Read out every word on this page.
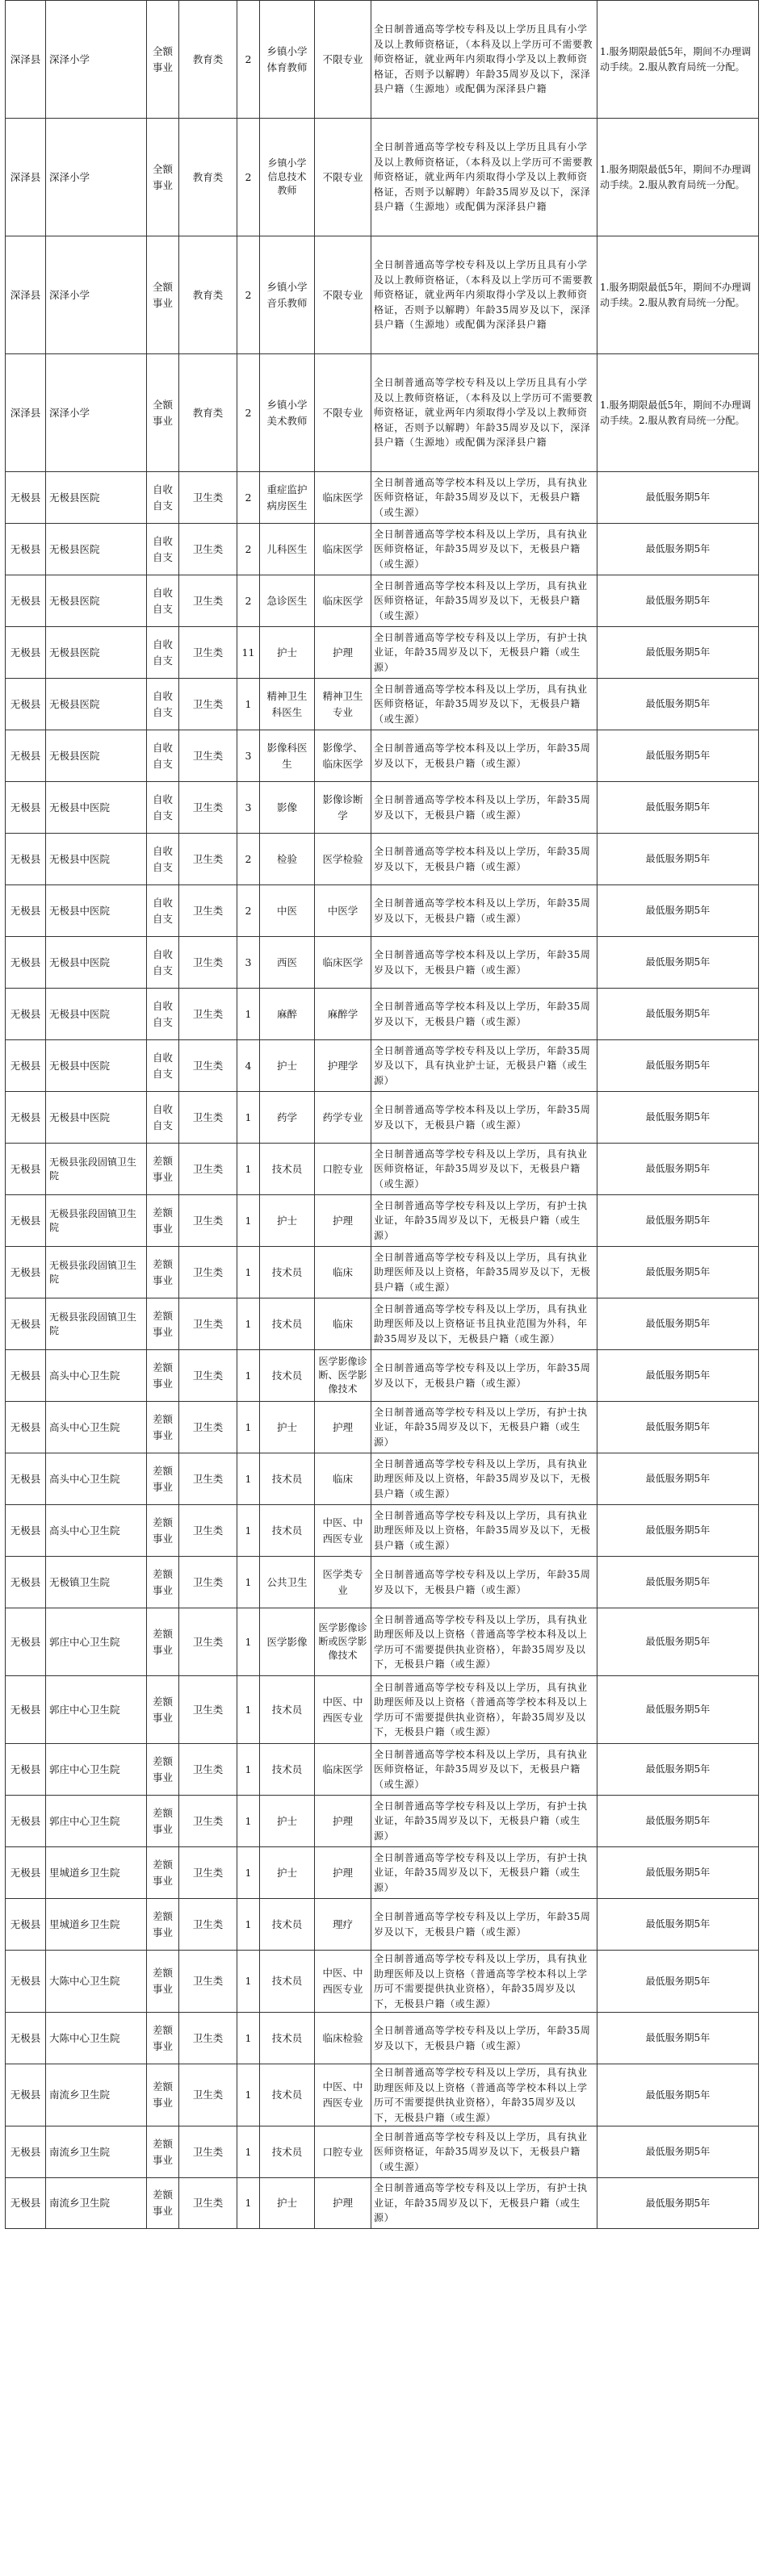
深泽县	深泽小学	全额事业	教育类	2	乡镇小学体育教师	不限专业	全日制普通高等学校专科及以上学历且具有小学及以上教师资格证，（本科及以上学历可不需要教师资格证，就业两年内须取得小学及以上教师资格证，否则予以解聘）年龄35周岁及以下，深泽县户籍（生源地）或配偶为深泽县户籍	1.服务期限最低5年，期间不办理调动手续。2.服从教育局统一分配。
深泽县	深泽小学	全额事业	教育类	2	乡镇小学信息技术教师	不限专业	全日制普通高等学校专科及以上学历且具有小学及以上教师资格证，（本科及以上学历可不需要教师资格证，就业两年内须取得小学及以上教师资格证，否则予以解聘）年龄35周岁及以下，深泽县户籍（生源地）或配偶为深泽县户籍	1.服务期限最低5年，期间不办理调动手续。2.服从教育局统一分配。
深泽县	深泽小学	全额事业	教育类	2	乡镇小学音乐教师	不限专业	全日制普通高等学校专科及以上学历且具有小学及以上教师资格证，（本科及以上学历可不需要教师资格证，就业两年内须取得小学及以上教师资格证，否则予以解聘）年龄35周岁及以下，深泽县户籍（生源地）或配偶为深泽县户籍	1.服务期限最低5年，期间不办理调动手续。2.服从教育局统一分配。
深泽县	深泽小学	全额事业	教育类	2	乡镇小学美术教师	不限专业	全日制普通高等学校专科及以上学历且具有小学及以上教师资格证，（本科及以上学历可不需要教师资格证，就业两年内须取得小学及以上教师资格证，否则予以解聘）年龄35周岁及以下，深泽县户籍（生源地）或配偶为深泽县户籍	1.服务期限最低5年，期间不办理调动手续。2.服从教育局统一分配。
无极县	无极县医院	自收自支	卫生类	2	重症监护病房医生	临床医学	全日制普通高等学校本科及以上学历，具有执业医师资格证，年龄35周岁及以下，无极县户籍（或生源）	最低服务期5年
无极县	无极县医院	自收自支	卫生类	2	儿科医生	临床医学	全日制普通高等学校本科及以上学历，具有执业医师资格证，年龄35周岁及以下，无极县户籍（或生源）	最低服务期5年
无极县	无极县医院	自收自支	卫生类	2	急诊医生	临床医学	全日制普通高等学校本科及以上学历，具有执业医师资格证，年龄35周岁及以下，无极县户籍（或生源）	最低服务期5年
无极县	无极县医院	自收自支	卫生类	11	护士	护理	全日制普通高等学校专科及以上学历，有护士执业证，年龄35周岁及以下，无极县户籍（或生源）	最低服务期5年
无极县	无极县医院	自收自支	卫生类	1	精神卫生科医生	精神卫生专业	全日制普通高等学校本科及以上学历，具有执业医师资格证，年龄35周岁及以下，无极县户籍（或生源）	最低服务期5年
无极县	无极县医院	自收自支	卫生类	3	影像科医生	影像学、临床医学	全日制普通高等学校本科及以上学历，年龄35周岁及以下，无极县户籍（或生源）	最低服务期5年
无极县	无极县中医院	自收自支	卫生类	3	影像	影像诊断学	全日制普通高等学校本科及以上学历，年龄35周岁及以下，无极县户籍（或生源）	最低服务期5年
无极县	无极县中医院	自收自支	卫生类	2	检验	医学检验	全日制普通高等学校本科及以上学历，年龄35周岁及以下，无极县户籍（或生源）	最低服务期5年
无极县	无极县中医院	自收自支	卫生类	2	中医	中医学	全日制普通高等学校本科及以上学历，年龄35周岁及以下，无极县户籍（或生源）	最低服务期5年
无极县	无极县中医院	自收自支	卫生类	3	西医	临床医学	全日制普通高等学校本科及以上学历，年龄35周岁及以下，无极县户籍（或生源）	最低服务期5年
无极县	无极县中医院	自收自支	卫生类	1	麻醉	麻醉学	全日制普通高等学校本科及以上学历，年龄35周岁及以下，无极县户籍（或生源）	最低服务期5年
无极县	无极县中医院	自收自支	卫生类	4	护士	护理学	全日制普通高等学校专科及以上学历，年龄35周岁及以下，具有执业护士证，无极县户籍（或生源）	最低服务期5年
无极县	无极县中医院	自收自支	卫生类	1	药学	药学专业	全日制普通高等学校本科及以上学历，年龄35周岁及以下，无极县户籍（或生源）	最低服务期5年
无极县	无极县张段固镇卫生院	差额事业	卫生类	1	技术员	口腔专业	全日制普通高等学校专科及以上学历，具有执业医师资格证，年龄35周岁及以下，无极县户籍（或生源）	最低服务期5年
无极县	无极县张段固镇卫生院	差额事业	卫生类	1	护士	护理	全日制普通高等学校专科及以上学历，有护士执业证，年龄35周岁及以下，无极县户籍（或生源）	最低服务期5年
无极县	无极县张段固镇卫生院	差额事业	卫生类	1	技术员	临床	全日制普通高等学校专科及以上学历，具有执业助理医师及以上资格，年龄35周岁及以下，无极县户籍（或生源）	最低服务期5年
无极县	无极县张段固镇卫生院	差额事业	卫生类	1	技术员	临床	全日制普通高等学校专科及以上学历，具有执业助理医师及以上资格证书且执业范围为外科，年龄35周岁及以下，无极县户籍（或生源）	最低服务期5年
无极县	高头中心卫生院	差额事业	卫生类	1	技术员	医学影像诊断、医学影像技术	全日制普通高等学校专科及以上学历，年龄35周岁及以下，无极县户籍（或生源）	最低服务期5年
无极县	高头中心卫生院	差额事业	卫生类	1	护士	护理	全日制普通高等学校专科及以上学历，有护士执业证，年龄35周岁及以下，无极县户籍（或生源）	最低服务期5年
无极县	高头中心卫生院	差额事业	卫生类	1	技术员	临床	全日制普通高等学校专科及以上学历，具有执业助理医师及以上资格，年龄35周岁及以下，无极县户籍（或生源）	最低服务期5年
无极县	高头中心卫生院	差额事业	卫生类	1	技术员	中医、中西医专业	全日制普通高等学校专科及以上学历，具有执业助理医师及以上资格，年龄35周岁及以下，无极县户籍（或生源）	最低服务期5年
无极县	无极镇卫生院	差额事业	卫生类	1	公共卫生	医学类专业	全日制普通高等学校专科及以上学历，年龄35周岁及以下，无极县户籍（或生源）	最低服务期5年
无极县	郭庄中心卫生院	差额事业	卫生类	1	医学影像	医学影像诊断或医学影像技术	全日制普通高等学校专科及以上学历，具有执业助理医师及以上资格（普通高等学校本科及以上学历可不需要提供执业资格），年龄35周岁及以下，无极县户籍（或生源）	最低服务期5年
无极县	郭庄中心卫生院	差额事业	卫生类	1	技术员	中医、中西医专业	全日制普通高等学校专科及以上学历，具有执业助理医师及以上资格（普通高等学校本科及以上学历可不需要提供执业资格），年龄35周岁及以下，无极县户籍（或生源）	最低服务期5年
无极县	郭庄中心卫生院	差额事业	卫生类	1	技术员	临床医学	全日制普通高等学校本科及以上学历，具有执业医师资格证，年龄35周岁及以下，无极县户籍（或生源）	最低服务期5年
无极县	郭庄中心卫生院	差额事业	卫生类	1	护士	护理	全日制普通高等学校专科及以上学历，有护士执业证，年龄35周岁及以下，无极县户籍（或生源）	最低服务期5年
无极县	里城道乡卫生院	差额事业	卫生类	1	护士	护理	全日制普通高等学校专科及以上学历，有护士执业证，年龄35周岁及以下，无极县户籍（或生源）	最低服务期5年
无极县	里城道乡卫生院	差额事业	卫生类	1	技术员	理疗	全日制普通高等学校专科及以上学历，年龄35周岁及以下，无极县户籍（或生源）	最低服务期5年
无极县	大陈中心卫生院	差额事业	卫生类	1	技术员	中医、中西医专业	全日制普通高等学校专科及以上学历，具有执业助理医师及以上资格（普通高等学校本科以上学历可不需要提供执业资格），年龄35周岁及以下，无极县户籍（或生源）	最低服务期5年
无极县	大陈中心卫生院	差额事业	卫生类	1	技术员	临床检验	全日制普通高等学校专科及以上学历，年龄35周岁及以下，无极县户籍（或生源）	最低服务期5年
无极县	南流乡卫生院	差额事业	卫生类	1	技术员	中医、中西医专业	全日制普通高等学校专科及以上学历，具有执业助理医师及以上资格（普通高等学校本科以上学历可不需要提供执业资格），年龄35周岁及以下，无极县户籍（或生源）	最低服务期5年
无极县	南流乡卫生院	差额事业	卫生类	1	技术员	口腔专业	全日制普通高等学校专科及以上学历，具有执业医师资格证，年龄35周岁及以下，无极县户籍（或生源）	最低服务期5年
无极县	南流乡卫生院	差额事业	卫生类	1	护士	护理	全日制普通高等学校专科及以上学历，有护士执业证，年龄35周岁及以下，无极县户籍（或生源）	最低服务期5年
